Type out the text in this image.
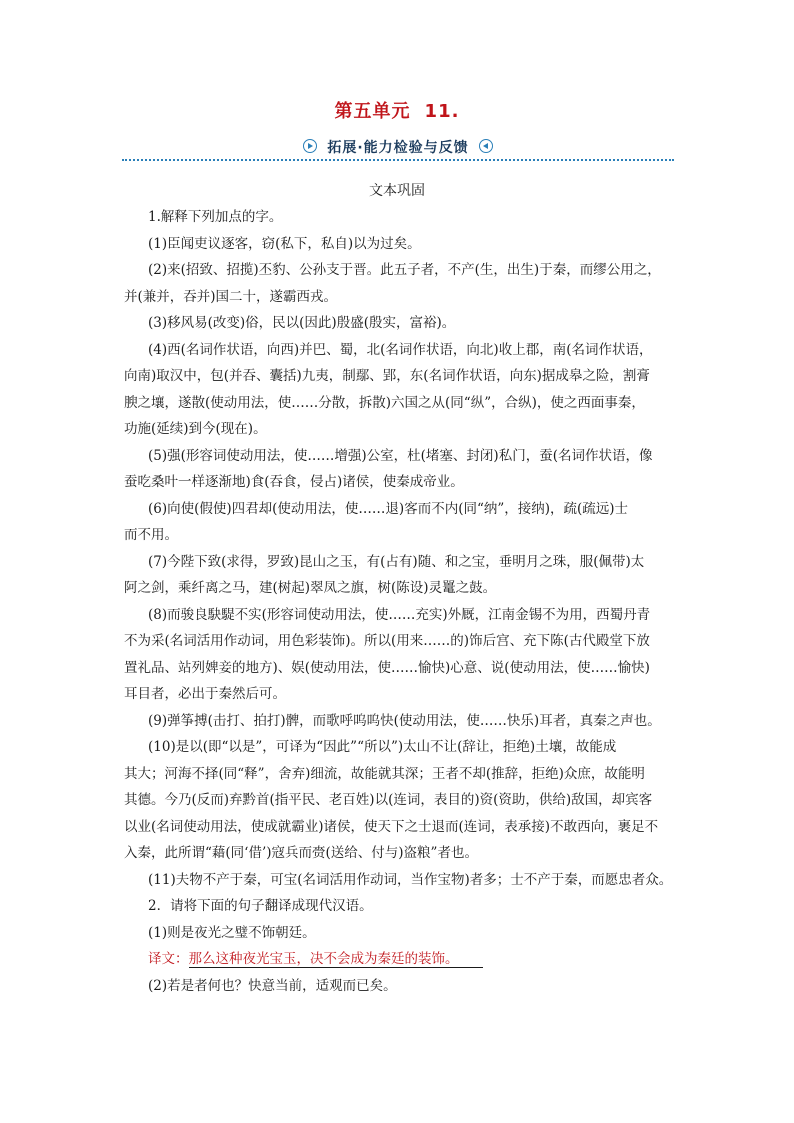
第五单元 11.
拓展·能力检验与反馈
文本巩固

1.解释下列加点的字。

(1)臣闻吏议逐客，窃(私下，私自)以为过矣。

(2)来(招致、招揽)丕豹、公孙支于晋。此五子者，不产(生，出生)于秦，而缪公用之，

并(兼并，吞并)国二十，遂霸西戎。

(3)移风易(改变)俗，民以(因此)殷盛(殷实，富裕)。

(4)西(名词作状语，向西)并巴、蜀，北(名词作状语，向北)收上郡，南(名词作状语，

向南)取汉中，包(并吞、囊括)九夷，制鄢、郢，东(名词作状语，向东)据成皋之险，割膏

腴之壤，遂散(使动用法，使……分散，拆散)六国之从(同“纵”，合纵)，使之西面事秦，

功施(延续)到今(现在)。

(5)强(形容词使动用法，使……增强)公室，杜(堵塞、封闭)私门，蚕(名词作状语，像

蚕吃桑叶一样逐渐地)食(吞食，侵占)诸侯，使秦成帝业。

(6)向使(假使)四君却(使动用法，使……退)客而不内(同“纳”，接纳)，疏(疏远)士

而不用。

(7)今陛下致(求得，罗致)昆山之玉，有(占有)随、和之宝，垂明月之珠，服(佩带)太

阿之剑，乘纤离之马，建(树起)翠凤之旗，树(陈设)灵鼍之鼓。

(8)而骏良駃騠不实(形容词使动用法，使……充实)外厩，江南金锡不为用，西蜀丹青

不为采(名词活用作动词，用色彩装饰)。所以(用来……的)饰后宫、充下陈(古代殿堂下放

置礼品、站列婢妾的地方)、娱(使动用法，使……愉快)心意、说(使动用法，使……愉快)

耳目者，必出于秦然后可。

(9)弹筝搏(击打、拍打)髀，而歌呼呜呜快(使动用法，使……快乐)耳者，真秦之声也。

(10)是以(即“以是”，可译为“因此”“所以”)太山不让(辞让，拒绝)土壤，故能成

其大；河海不择(同“释”，舍弃)细流，故能就其深；王者不却(推辞，拒绝)众庶，故能明

其德。今乃(反而)弃黔首(指平民、老百姓)以(连词，表目的)资(资助，供给)敌国，却宾客

以业(名词使动用法，使成就霸业)诸侯，使天下之士退而(连词，表承接)不敢西向，裹足不

入秦，此所谓“藉(同‘借’)寇兵而赍(送给、付与)盗粮”者也。

(11)夫物不产于秦，可宝(名词活用作动词，当作宝物)者多；士不产于秦，而愿忠者众。

2．请将下面的句子翻译成现代汉语。

(1)则是夜光之璧不饰朝廷。

译文：那么这种夜光宝玉，决不会成为秦廷的装饰。

(2)若是者何也？快意当前，适观而已矣。
